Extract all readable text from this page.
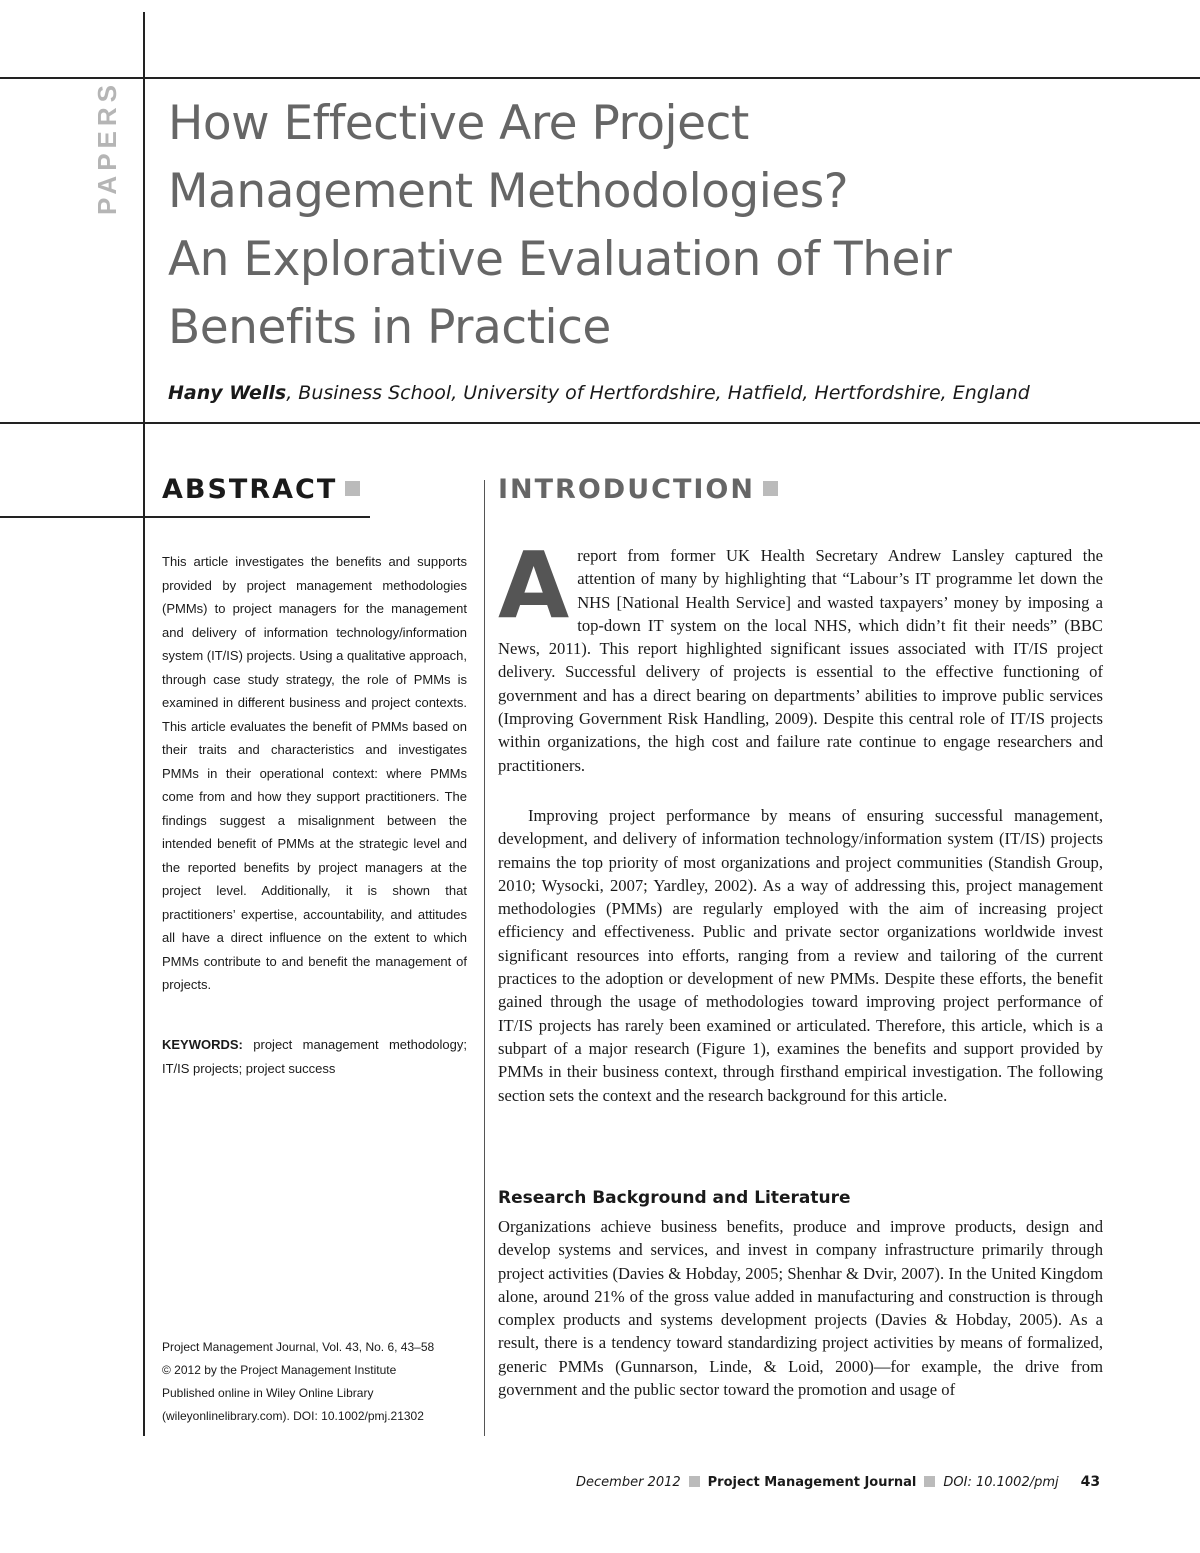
PAPERS How Effective Are Project
Management Methodologies?
An Explorative Evaluation of Their
Benefits in Practice
Hany Wells, Business School, University of Hertfordshire, Hatfield, Hertfordshire, England
ABSTRACT
This article investigates the benefits and supports provided by project management methodologies (PMMs) to project managers for the management and delivery of information technology/information system (IT/IS) projects. Using a qualitative approach, through case study strategy, the role of PMMs is examined in different business and project contexts. This article evaluates the benefit of PMMs based on their traits and characteristics and investigates PMMs in their operational context: where PMMs come from and how they support practitioners. The findings suggest a misalignment between the intended benefit of PMMs at the strategic level and the reported benefits by project managers at the project level. Additionally, it is shown that practitioners’ expertise, accountability, and attitudes all have a direct influence on the extent to which PMMs contribute to and benefit the management of projects.
KEYWORDS: project management methodology; IT/IS projects; project success
Project Management Journal, Vol. 43, No. 6, 43–58
© 2012 by the Project Management Institute
Published online in Wiley Online Library
(wileyonlinelibrary.com). DOI: 10.1002/pmj.21302
INTRODUCTION
Areport from former UK Health Secretary Andrew Lansley captured the attention of many by highlighting that “Labour’s IT programme let down the NHS [National Health Service] and wasted taxpayers’ money by imposing a top-down IT system on the local NHS, which didn’t fit their needs” (BBC News, 2011). This report highlighted significant issues associated with IT/IS project delivery. Successful delivery of projects is essential to the effective functioning of government and has a direct bearing on departments’ abilities to improve public services (Improving Government Risk Handling, 2009). Despite this central role of IT/IS projects within organizations, the high cost and failure rate continue to engage researchers and practitioners.
Improving project performance by means of ensuring successful management, development, and delivery of information technology/information system (IT/IS) projects remains the top priority of most organizations and project communities (Standish Group, 2010; Wysocki, 2007; Yardley, 2002). As a way of addressing this, project management methodologies (PMMs) are regularly employed with the aim of increasing project efficiency and effectiveness. Public and private sector organizations worldwide invest significant resources into efforts, ranging from a review and tailoring of the current practices to the adoption or development of new PMMs. Despite these efforts, the benefit gained through the usage of methodologies toward improving project performance of IT/IS projects has rarely been examined or articulated. Therefore, this article, which is a subpart of a major research (Figure 1), examines the benefits and support provided by PMMs in their business context, through firsthand empirical investigation. The following section sets the context and the research background for this article.
Research Background and Literature
Organizations achieve business benefits, produce and improve products, design and develop systems and services, and invest in company infrastructure primarily through project activities (Davies & Hobday, 2005; Shenhar & Dvir, 2007). In the United Kingdom alone, around 21% of the gross value added in manufacturing and construction is through complex products and systems development projects (Davies & Hobday, 2005). As a result, there is a tendency toward standardizing project activities by means of formalized, generic PMMs (Gunnarson, Linde, & Loid, 2000)—for example, the drive from government and the public sector toward the promotion and usage of
December 2012 Project Management Journal DOI: 10.1002/pmj 43
